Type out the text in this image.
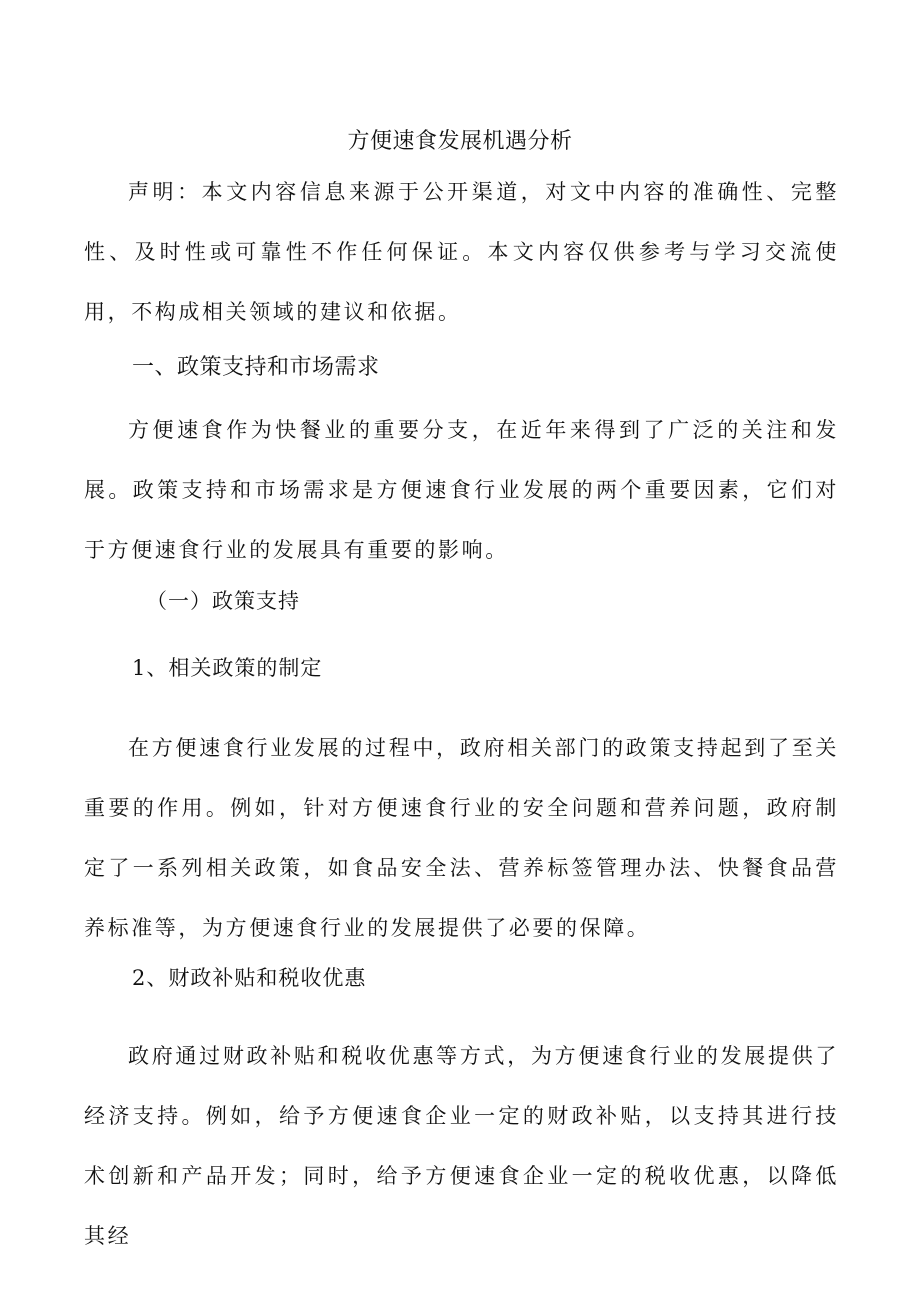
方便速食发展机遇分析

声明：本文内容信息来源于公开渠道，对文中内容的准确性、完整性、及时性或可靠性不作任何保证。本文内容仅供参考与学习交流使用，不构成相关领域的建议和依据。

一、政策支持和市场需求

方便速食作为快餐业的重要分支，在近年来得到了广泛的关注和发展。政策支持和市场需求是方便速食行业发展的两个重要因素，它们对于方便速食行业的发展具有重要的影响。

（一）政策支持
1、相关政策的制定

在方便速食行业发展的过程中，政府相关部门的政策支持起到了至关重要的作用。例如，针对方便速食行业的安全问题和营养问题，政府制定了一系列相关政策，如食品安全法、营养标签管理办法、快餐食品营养标准等，为方便速食行业的发展提供了必要的保障。

2、财政补贴和税收优惠

政府通过财政补贴和税收优惠等方式，为方便速食行业的发展提供了经济支持。例如，给予方便速食企业一定的财政补贴，以支持其进行技术创新和产品开发；同时，给予方便速食企业一定的税收优惠，以降低其经
